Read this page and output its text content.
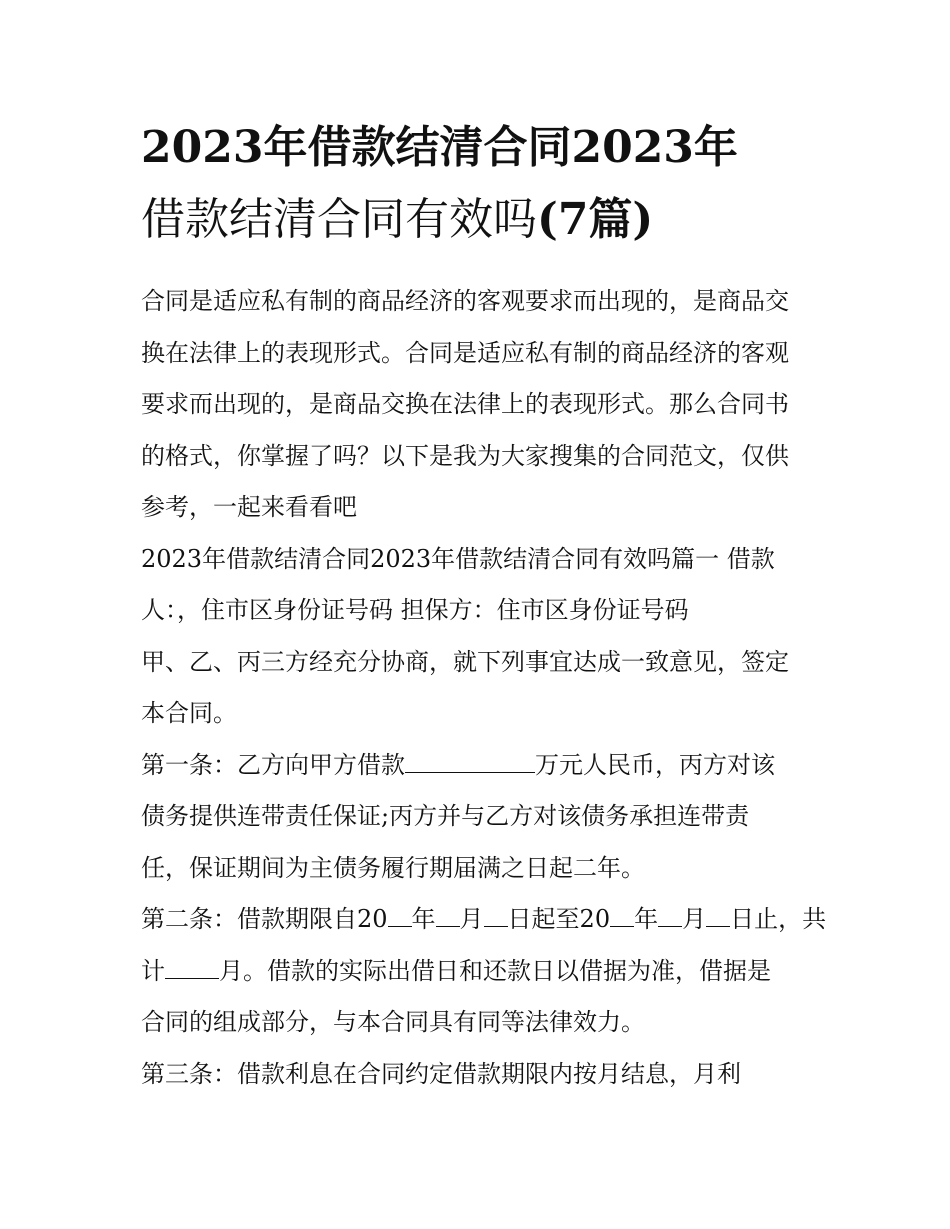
2023年借款结清合同2023年
借款结清合同有效吗(7篇)
合同是适应私有制的商品经济的客观要求而出现的，是商品交
换在法律上的表现形式。合同是适应私有制的商品经济的客观
要求而出现的，是商品交换在法律上的表现形式。那么合同书
的格式，你掌握了吗？以下是我为大家搜集的合同范文，仅供
参考，一起来看看吧
2023年借款结清合同2023年借款结清合同有效吗篇一 借款
人：，住市区身份证号码 担保方：住市区身份证号码
甲、乙、丙三方经充分协商，就下列事宜达成一致意见，签定
本合同。
第一条：乙方向甲方借款	万元人民币，丙方对该
债务提供连带责任保证;丙方并与乙方对该债务承担连带责
任，保证期间为主债务履行期届满之日起二年。
第二条：借款期限自20 年 月 日起至20 年 月 日止，共
计 月。借款的实际出借日和还款日以借据为准，借据是
合同的组成部分，与本合同具有同等法律效力。
第三条：借款利息在合同约定借款期限内按月结息，月利
